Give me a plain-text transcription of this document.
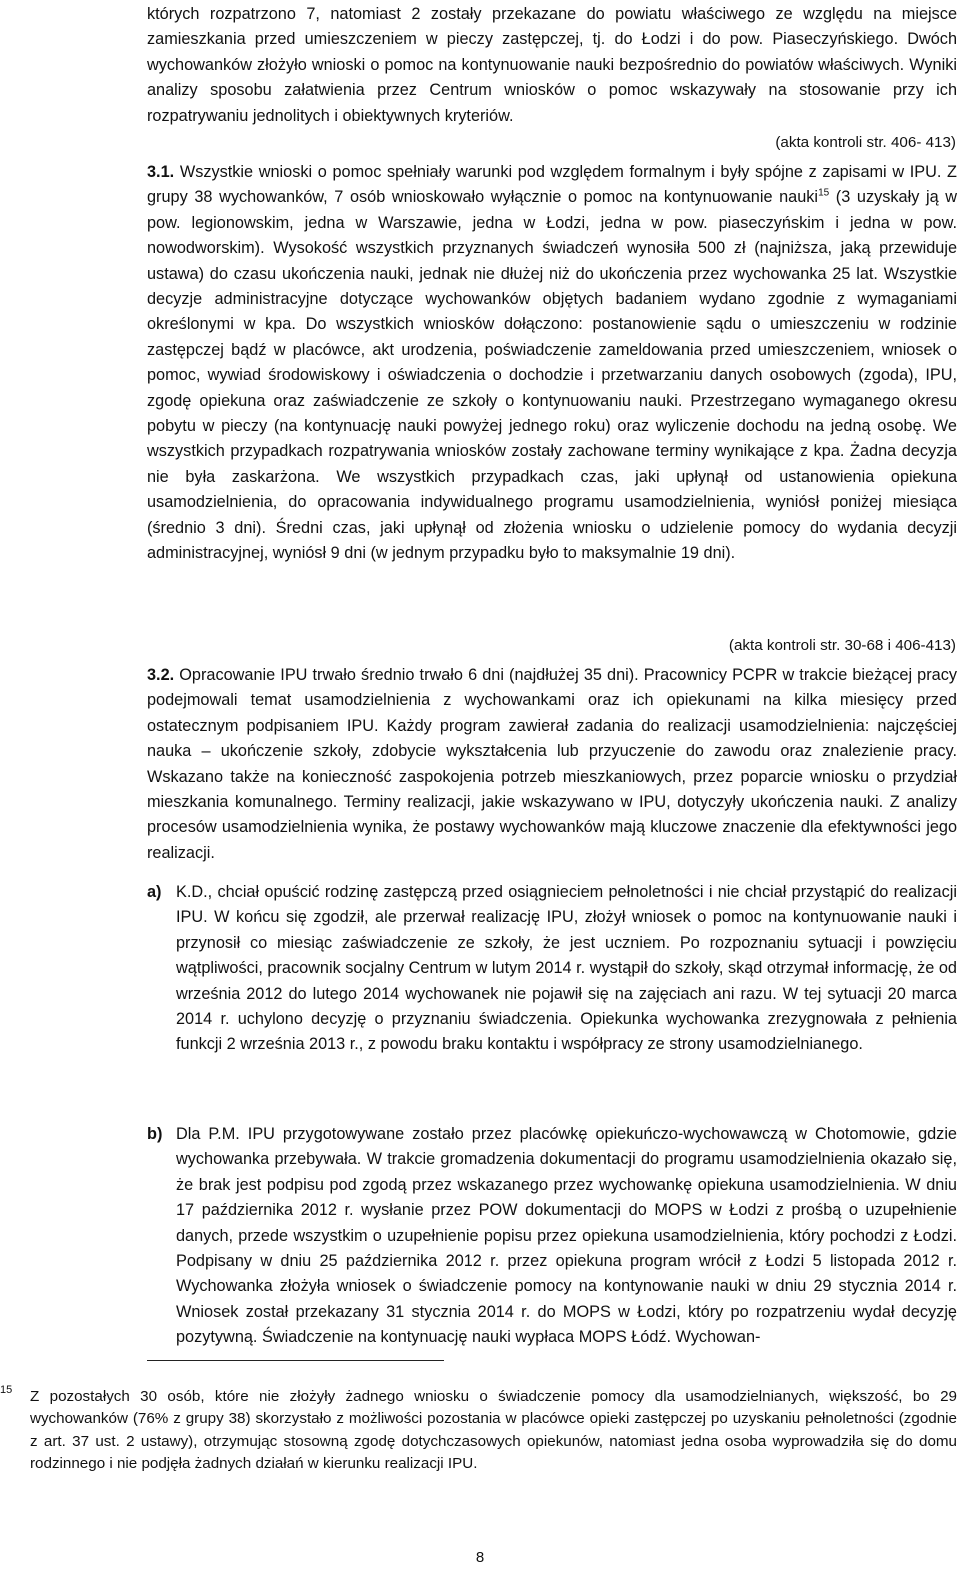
których rozpatrzono 7, natomiast 2 zostały przekazane do powiatu właściwego ze względu na miejsce zamieszkania przed umieszczeniem w pieczy zastępczej, tj. do Łodzi i do pow. Piaseczyńskiego. Dwóch wychowanków złożyło wnioski o pomoc na kontynuowanie nauki bezpośrednio do powiatów właściwych. Wyniki analizy sposobu załatwienia przez Centrum wniosków o pomoc wskazywały na stosowanie przy ich rozpatrywaniu jednolitych i obiektywnych kryteriów.
(akta kontroli str. 406- 413)
3.1. Wszystkie wnioski o pomoc spełniały warunki pod względem formalnym i były spójne z zapisami w IPU. Z grupy 38 wychowanków, 7 osób wnioskowało wyłącznie o pomoc na kontynuowanie nauki$^{15}$ (3 uzyskały ją w pow. legionowskim, jedna w Warszawie, jedna w Łodzi, jedna w pow. piaseczyńskim i jedna w pow. nowodworskim). Wysokość wszystkich przyznanych świadczeń wynosiła 500 zł (najniższa, jaką przewiduje ustawa) do czasu ukończenia nauki, jednak nie dłużej niż do ukończenia przez wychowanka 25 lat. Wszystkie decyzje administracyjne dotyczące wychowanków objętych badaniem wydano zgodnie z wymaganiami określonymi w kpa. Do wszystkich wniosków dołączono: postanowienie sądu o umieszczeniu w rodzinie zastępczej bądź w placówce, akt urodzenia, poświadczenie zameldowania przed umieszczeniem, wniosek o pomoc, wywiad środowiskowy i oświadczenia o dochodzie i przetwarzaniu danych osobowych (zgoda), IPU, zgodę opiekuna oraz zaświadczenie ze szkoły o kontynuowaniu nauki. Przestrzegano wymaganego okresu pobytu w pieczy (na kontynuację nauki powyżej jednego roku) oraz wyliczenie dochodu na jedną osobę. We wszystkich przypadkach rozpatrywania wniosków zostały zachowane terminy wynikające z kpa. Żadna decyzja nie była zaskarżona. We wszystkich przypadkach czas, jaki upłynął od ustanowienia opiekuna usamodzielnienia, do opracowania indywidualnego programu usamodzielnienia, wyniósł poniżej miesiąca (średnio 3 dni). Średni czas, jaki upłynął od złożenia wniosku o udzielenie pomocy do wydania decyzji administracyjnej, wyniósł 9 dni (w jednym przypadku było to maksymalnie 19 dni).
(akta kontroli str. 30-68 i 406-413)
3.2. Opracowanie IPU trwało średnio trwało 6 dni (najdłużej 35 dni). Pracownicy PCPR w trakcie bieżącej pracy podejmowali temat usamodzielnienia z wychowankami oraz ich opiekunami na kilka miesięcy przed ostatecznym podpisaniem IPU. Każdy program zawierał zadania do realizacji usamodzielnienia: najczęściej nauka – ukończenie szkoły, zdobycie wykształcenia lub przyuczenie do zawodu oraz znalezienie pracy. Wskazano także na konieczność zaspokojenia potrzeb mieszkaniowych, przez poparcie wniosku o przydział mieszkania komunalnego. Terminy realizacji, jakie wskazywano w IPU, dotyczyły ukończenia nauki. Z analizy procesów usamodzielnienia wynika, że postawy wychowanków mają kluczowe znaczenie dla efektywności jego realizacji.
a) K.D., chciał opuścić rodzinę zastępczą przed osiągnieciem pełnoletności i nie chciał przystąpić do realizacji IPU. W końcu się zgodził, ale przerwał realizację IPU, złożył wniosek o pomoc na kontynuowanie nauki i przynosił co miesiąc zaświadczenie ze szkoły, że jest uczniem. Po rozpoznaniu sytuacji i powzięciu wątpliwości, pracownik socjalny Centrum w lutym 2014 r. wystąpił do szkoły, skąd otrzymał informację, że od września 2012 do lutego 2014 wychowanek nie pojawił się na zajęciach ani razu. W tej sytuacji 20 marca 2014 r. uchylono decyzję o przyznaniu świadczenia. Opiekunka wychowanka zrezygnowała z pełnienia funkcji 2 września 2013 r., z powodu braku kontaktu i współpracy ze strony usamodzielnianego.
b) Dla P.M. IPU przygotowywane zostało przez placówkę opiekuńczo-wychowawczą w Chotomowie, gdzie wychowanka przebywała. W trakcie gromadzenia dokumentacji do programu usamodzielnienia okazało się, że brak jest podpisu pod zgodą przez wskazanego przez wychowankę opiekuna usamodzielnienia. W dniu 17 października 2012 r. wysłanie przez POW dokumentacji do MOPS w Łodzi z prośbą o uzupełnienie danych, przede wszystkim o uzupełnienie popisu przez opiekuna usamodzielnienia, który pochodzi z Łodzi. Podpisany w dniu 25 października 2012 r. przez opiekuna program wrócił z Łodzi 5 listopada 2012 r. Wychowanka złożyła wniosek o świadczenie pomocy na kontynowanie nauki w dniu 29 stycznia 2014 r. Wniosek został przekazany 31 stycznia 2014 r. do MOPS w Łodzi, który po rozpatrzeniu wydał decyzję pozytywną. Świadczenie na kontynuację nauki wypłaca MOPS Łódź. Wychowan-
15 Z pozostałych 30 osób, które nie złożyły żadnego wniosku o świadczenie pomocy dla usamodzielnianych, większość, bo 29 wychowanków (76% z grupy 38) skorzystało z możliwości pozostania w placówce opieki zastępczej po uzyskaniu pełnoletności (zgodnie z art. 37 ust. 2 ustawy), otrzymując stosowną zgodę dotychczasowych opiekunów, natomiast jedna osoba wyprowadziła się do domu rodzinnego i nie podjęła żadnych działań w kierunku realizacji IPU.
8
